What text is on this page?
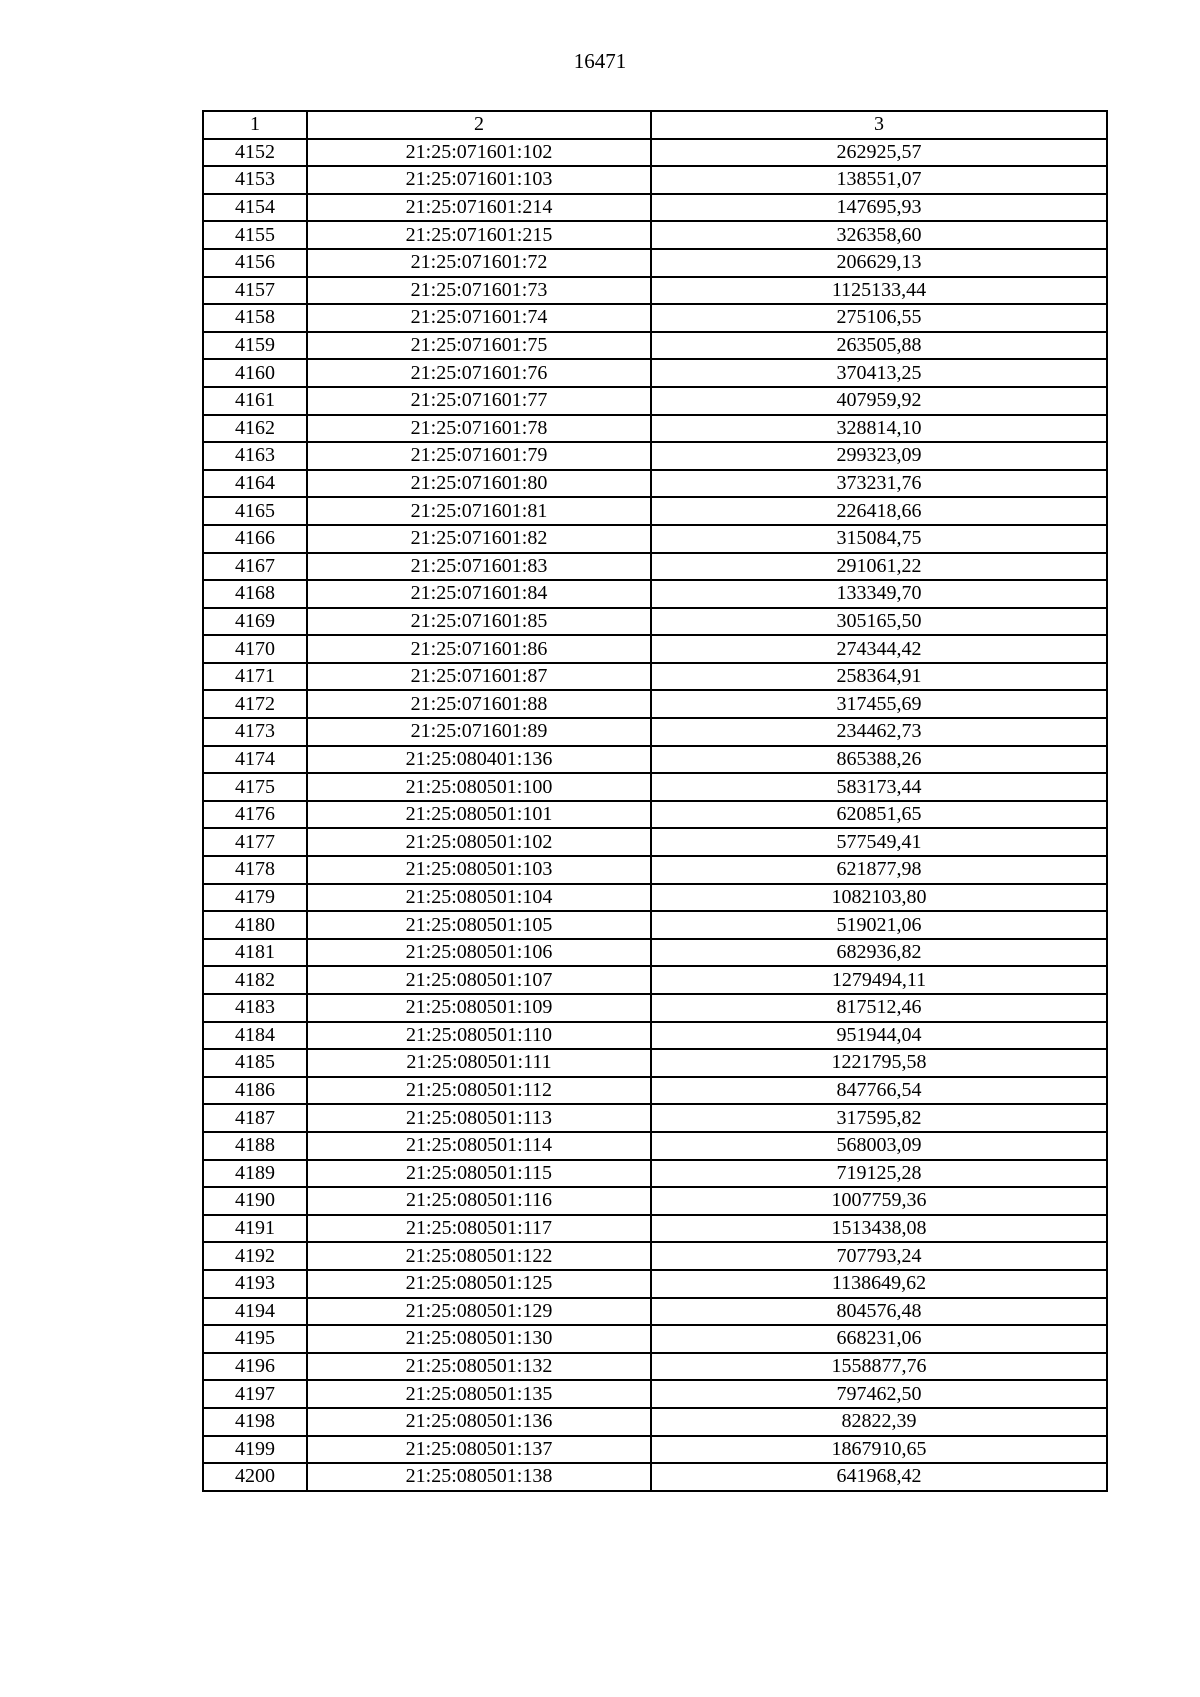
16471
1	2	3
4152	21:25:071601:102	262925,57
4153	21:25:071601:103	138551,07
4154	21:25:071601:214	147695,93
4155	21:25:071601:215	326358,60
4156	21:25:071601:72	206629,13
4157	21:25:071601:73	1125133,44
4158	21:25:071601:74	275106,55
4159	21:25:071601:75	263505,88
4160	21:25:071601:76	370413,25
4161	21:25:071601:77	407959,92
4162	21:25:071601:78	328814,10
4163	21:25:071601:79	299323,09
4164	21:25:071601:80	373231,76
4165	21:25:071601:81	226418,66
4166	21:25:071601:82	315084,75
4167	21:25:071601:83	291061,22
4168	21:25:071601:84	133349,70
4169	21:25:071601:85	305165,50
4170	21:25:071601:86	274344,42
4171	21:25:071601:87	258364,91
4172	21:25:071601:88	317455,69
4173	21:25:071601:89	234462,73
4174	21:25:080401:136	865388,26
4175	21:25:080501:100	583173,44
4176	21:25:080501:101	620851,65
4177	21:25:080501:102	577549,41
4178	21:25:080501:103	621877,98
4179	21:25:080501:104	1082103,80
4180	21:25:080501:105	519021,06
4181	21:25:080501:106	682936,82
4182	21:25:080501:107	1279494,11
4183	21:25:080501:109	817512,46
4184	21:25:080501:110	951944,04
4185	21:25:080501:111	1221795,58
4186	21:25:080501:112	847766,54
4187	21:25:080501:113	317595,82
4188	21:25:080501:114	568003,09
4189	21:25:080501:115	719125,28
4190	21:25:080501:116	1007759,36
4191	21:25:080501:117	1513438,08
4192	21:25:080501:122	707793,24
4193	21:25:080501:125	1138649,62
4194	21:25:080501:129	804576,48
4195	21:25:080501:130	668231,06
4196	21:25:080501:132	1558877,76
4197	21:25:080501:135	797462,50
4198	21:25:080501:136	82822,39
4199	21:25:080501:137	1867910,65
4200	21:25:080501:138	641968,42
